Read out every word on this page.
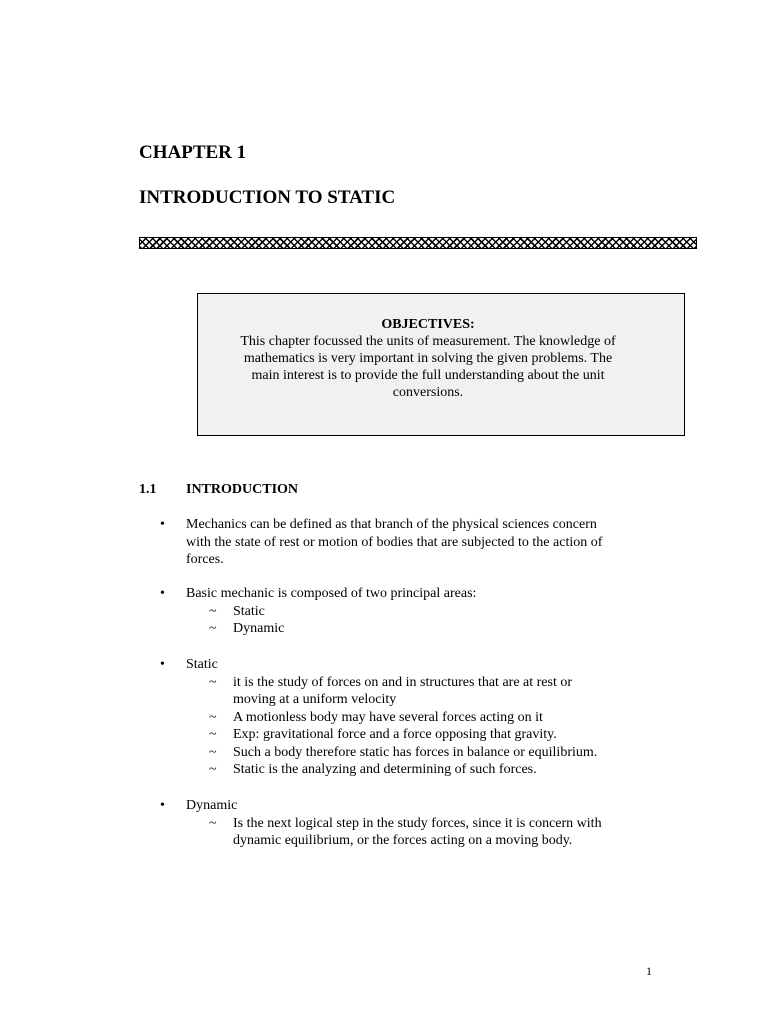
CHAPTER 1
INTRODUCTION TO STATIC
OBJECTIVES:
This chapter focussed the units of measurement. The knowledge of
mathematics is very important in solving the given problems. The
main interest is to provide the full understanding about the unit
conversions.
1.1 INTRODUCTION
• Mechanics can be defined as that branch of the physical sciences concern
with the state of rest or motion of bodies that are subjected to the action of
forces.
• Basic mechanic is composed of two principal areas:
~ Static
~ Dynamic
• Static
~ it is the study of forces on and in structures that are at rest or
moving at a uniform velocity
~ A motionless body may have several forces acting on it
~ Exp: gravitational force and a force opposing that gravity.
~ Such a body therefore static has forces in balance or equilibrium.
~ Static is the analyzing and determining of such forces.
• Dynamic
~ Is the next logical step in the study forces, since it is concern with
dynamic equilibrium, or the forces acting on a moving body.
1
